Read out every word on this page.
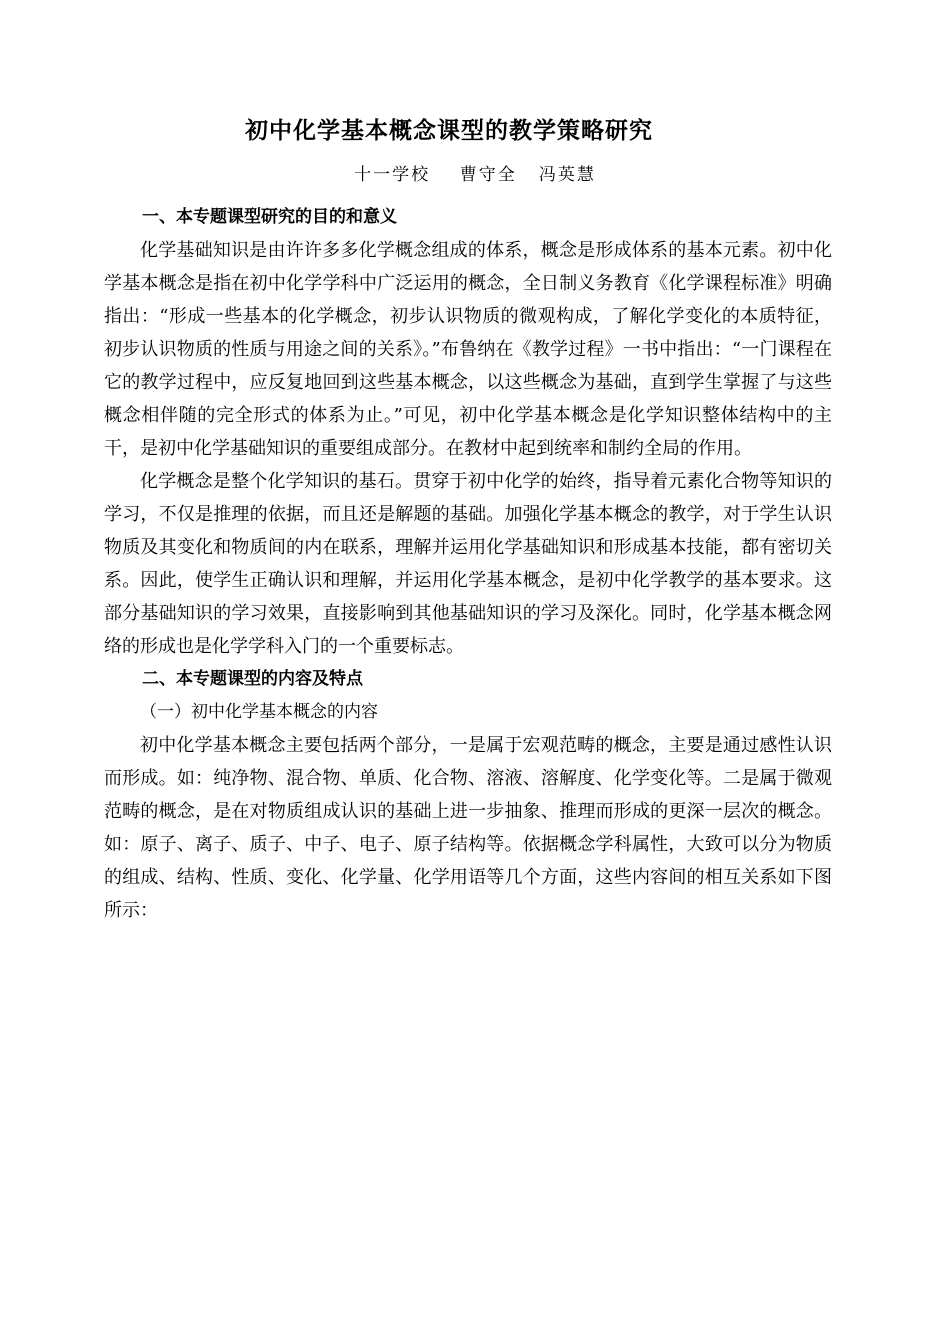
初中化学基本概念课型的教学策略研究
十一学校    曹守全   冯英慧

一、本专题课型研究的目的和意义

化学基础知识是由许许多多化学概念组成的体系，概念是形成体系的基本元素。初中化学基本概念是指在初中化学学科中广泛运用的概念，全日制义务教育《化学课程标准》明确指出：“形成一些基本的化学概念，初步认识物质的微观构成，了解化学变化的本质特征，初步认识物质的性质与用途之间的关系》。”布鲁纳在《教学过程》一书中指出：“一门课程在它的教学过程中，应反复地回到这些基本概念，以这些概念为基础，直到学生掌握了与这些概念相伴随的完全形式的体系为止。”可见，初中化学基本概念是化学知识整体结构中的主干，是初中化学基础知识的重要组成部分。在教材中起到统率和制约全局的作用。

化学概念是整个化学知识的基石。贯穿于初中化学的始终，指导着元素化合物等知识的学习，不仅是推理的依据，而且还是解题的基础。加强化学基本概念的教学，对于学生认识物质及其变化和物质间的内在联系，理解并运用化学基础知识和形成基本技能，都有密切关系。因此，使学生正确认识和理解，并运用化学基本概念，是初中化学教学的基本要求。这部分基础知识的学习效果，直接影响到其他基础知识的学习及深化。同时，化学基本概念网络的形成也是化学学科入门的一个重要标志。

二、本专题课型的内容及特点

（一）初中化学基本概念的内容

初中化学基本概念主要包括两个部分，一是属于宏观范畴的概念，主要是通过感性认识而形成。如：纯净物、混合物、单质、化合物、溶液、溶解度、化学变化等。二是属于微观范畴的概念，是在对物质组成认识的基础上进一步抽象、推理而形成的更深一层次的概念。如：原子、离子、质子、中子、电子、原子结构等。依据概念学科属性，大致可以分为物质的组成、结构、性质、变化、化学量、化学用语等几个方面，这些内容间的相互关系如下图所示：
